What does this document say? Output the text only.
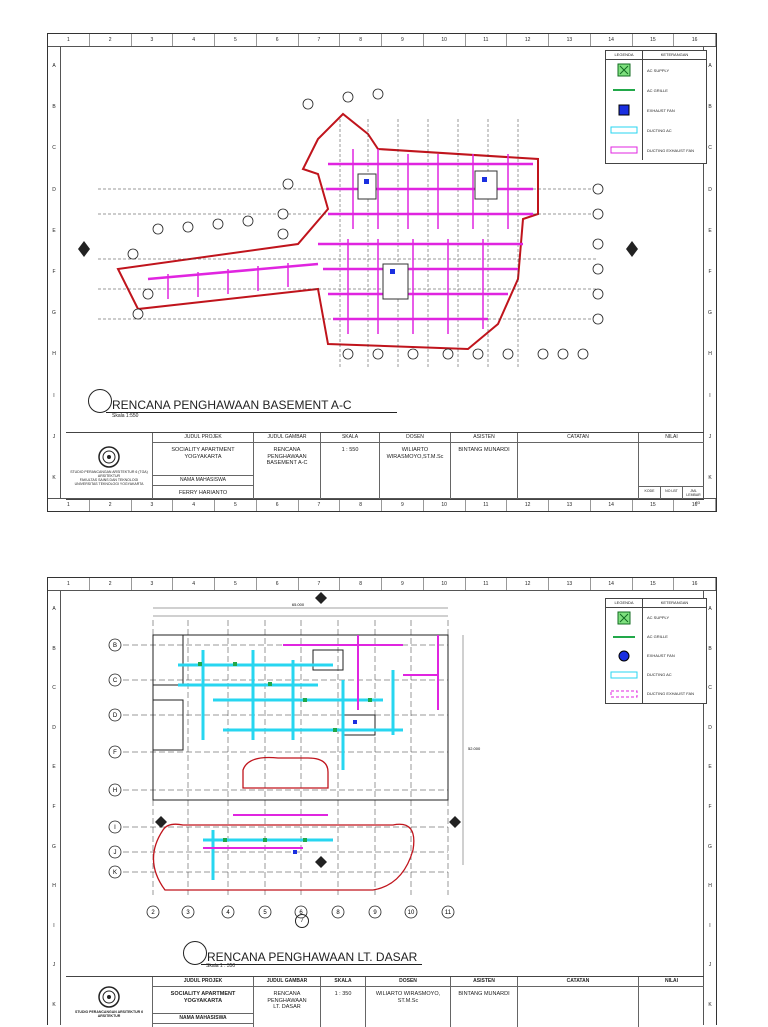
1	2	3	4	5	6	7	8	9	10	11	12	13	14	15	16
1	2	3	4	5	6	7	8	9	10	11	12	13	14	15	16
A
B
C
D
E
F
G
H
I
J
K
A
B
C
D
E
F
G
H
I
J
K
LEGENDA	KETERANGAN
AC SUPPLY
AC GRILLE
EXHAUST FAN
DUCTING AC
DUCTING EXHAUST FAN
RENCANA PENGHAWAAN BASEMENT A-C
Skala 1:550
STUDIO PERANCANGAN ARSITEKTUR 6 (TGA)
ARSITEKTUR
FAKULTAS SAINS DAN TEKNOLOGI
UNIVERSITAS TEKNOLOGI YOGYAKARTA
JUDUL PROJEK
SOCIALITY APARTMENT
YOGYAKARTA
NAMA MAHASISWA
FERRY HARIANTO
JUDUL GAMBAR
RENCANA
PENGHAWAAN
BASEMENT A-C
SKALA
1 : 550
DOSEN
WILIARTO
WIRASMOYO,ST.M.Sc
ASISTEN
BINTANG MUNARDI
CATATAN	NILAI
KODE	NO LBT	JML LEMBAR
03
1	2	3	4	5	6	7	8	9	10	11	12	13	14	15	16
A
B
C
D
E
F
G
H
I
J
K
A
B
C
D
E
F
G
H
I
J
K
65.000
52.000
B
C
D
F
H
I
J
K
2	3	4	5	6	8	9	10	11
7
LEGENDA	KETERANGAN
AC SUPPLY
AC GRILLE
EXHAUST FAN
DUCTING AC
DUCTING EXHAUST FAN
RENCANA PENGHAWAAN LT. DASAR
Skala 1 : 350
STUDIO PERANCANGAN ARSITEKTUR 6
ARSITEKTUR
JUDUL PROJEK
SOCIALITY APARTMENT
YOGYAKARTA
NAMA MAHASISWA
JUDUL GAMBAR
RENCANA
PENGHAWAAN
LT. DASAR
SKALA
1 : 350
DOSEN
WILIARTO WIRASMOYO,
ST.M.Sc
ASISTEN
BINTANG MUNARDI
CATATAN	NILAI
